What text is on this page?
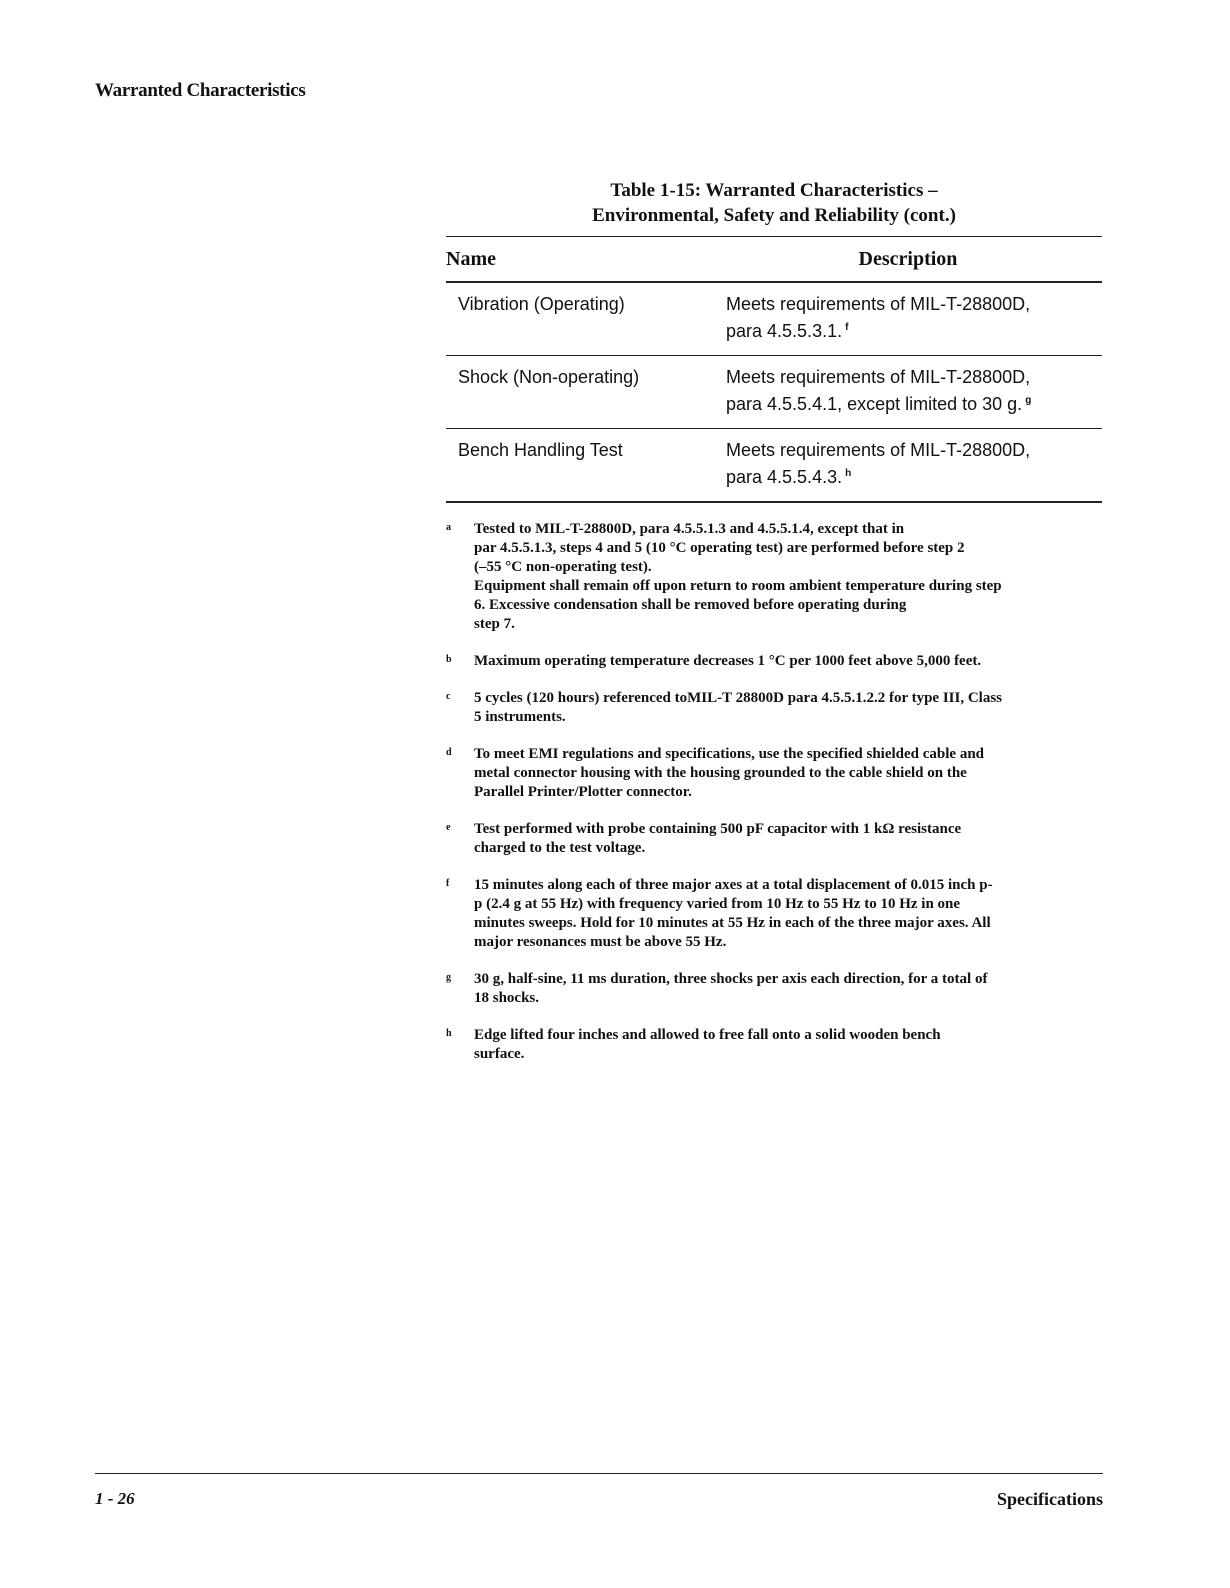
Warranted Characteristics
Table 1-15: Warranted Characteristics –
Environmental, Safety and Reliability (cont.)
Name	Description
Vibration (Operating)	Meets requirements of MIL-T-28800D,
para 4.5.5.3.1. $^f$

Shock (Non-operating)	Meets requirements of MIL-T-28800D,
para 4.5.5.4.1, except limited to 30 g. $^g$

Bench Handling Test	Meets requirements of MIL-T-28800D,
para 4.5.5.4.3. $^h$
a	Tested to MIL-T-28800D, para 4.5.5.1.3 and 4.5.5.1.4, except that in
par 4.5.5.1.3, steps 4 and 5 (10 °C operating test) are performed before step 2
(–55 °C non-operating test).
Equipment shall remain off upon return to room ambient temperature during step
6. Excessive condensation shall be removed before operating during
step 7.
b	Maximum operating temperature decreases 1 °C per 1000 feet above 5,000 feet.
c	5 cycles (120 hours) referenced toMIL-T 28800D para 4.5.5.1.2.2 for type III, Class
5 instruments.
d	To meet EMI regulations and specifications, use the specified shielded cable and
metal connector housing with the housing grounded to the cable shield on the
Parallel Printer/Plotter connector.
e	Test performed with probe containing 500 pF capacitor with 1 kΩ resistance
charged to the test voltage.
f	15 minutes along each of three major axes at a total displacement of 0.015 inch p-
p (2.4 g at 55 Hz) with frequency varied from 10 Hz to 55 Hz to 10 Hz in one
minutes sweeps. Hold for 10 minutes at 55 Hz in each of the three major axes. All
major resonances must be above 55 Hz.
g	30 g, half-sine, 11 ms duration, three shocks per axis each direction, for a total of
18 shocks.
h	Edge lifted four inches and allowed to free fall onto a solid wooden bench
surface.
1 - 26	Specifications
